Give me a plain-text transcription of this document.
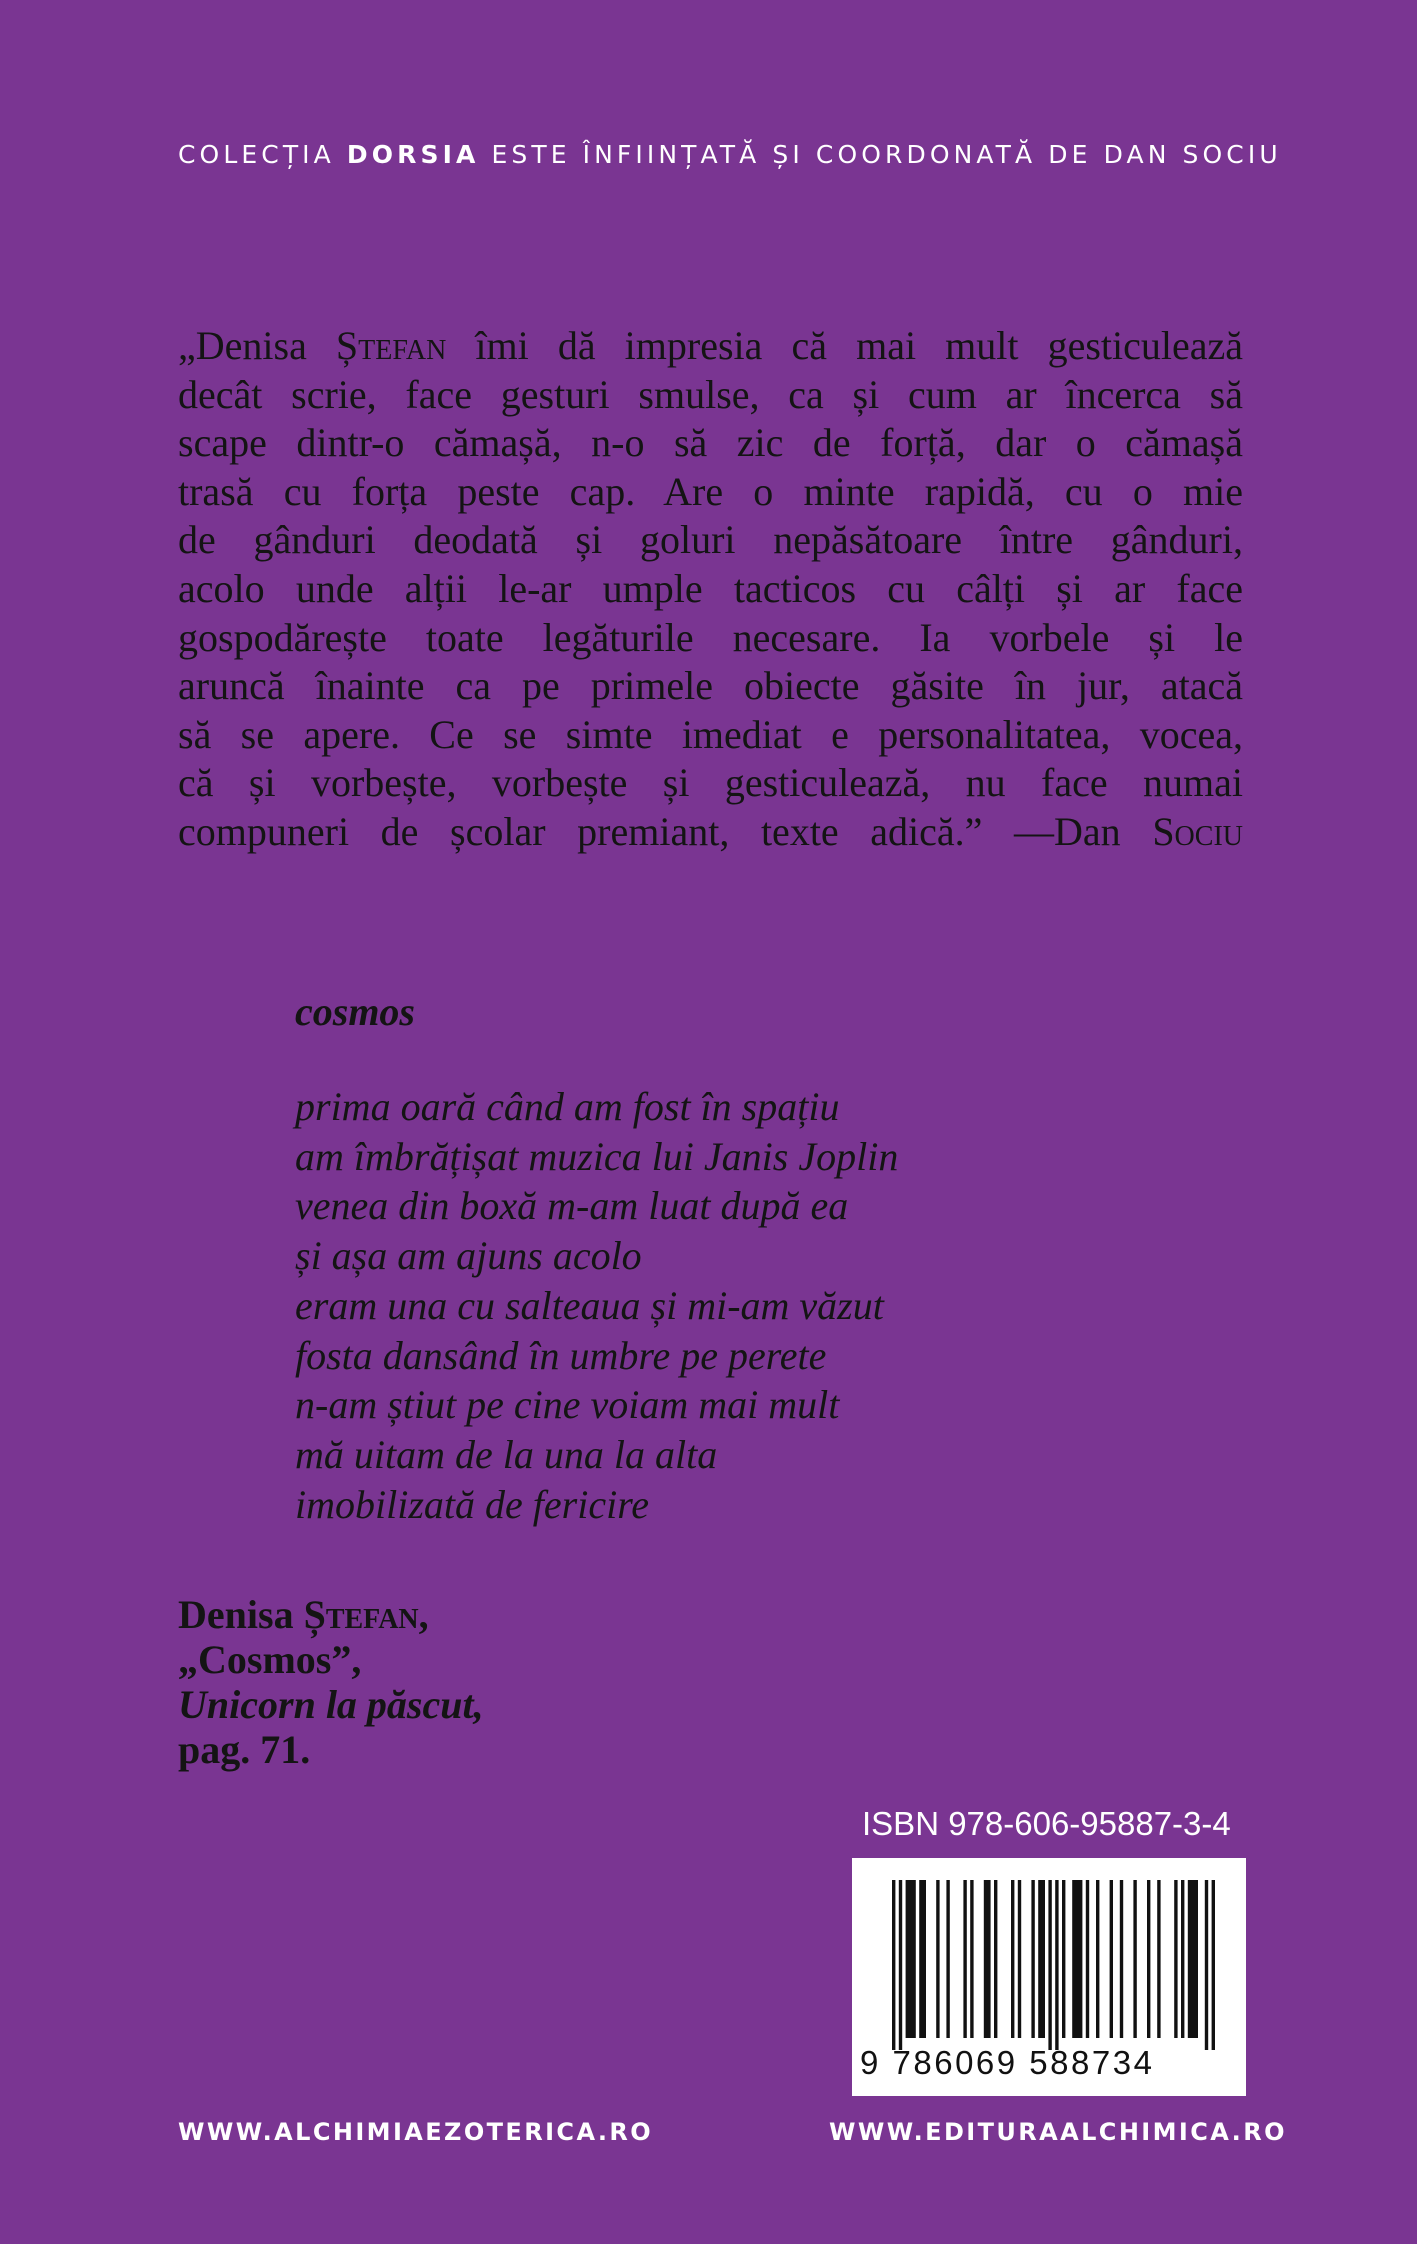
COLECȚIA DORSIA ESTE ÎNFIINȚATĂ ȘI COORDONATĂ DE DAN SOCIU
„Denisa Ștefan îmi dă impresia că mai mult gesticulează
decât scrie, face gesturi smulse, ca și cum ar încerca să
scape dintr-o cămașă, n-o să zic de forță, dar o cămașă
trasă cu forța peste cap. Are o minte rapidă, cu o mie
de gânduri deodată și goluri nepăsătoare între gânduri,
acolo unde alții le-ar umple tacticos cu câlți și ar face
gospodărește toate legăturile necesare. Ia vorbele și le
aruncă înainte ca pe primele obiecte găsite în jur, atacă
să se apere. Ce se simte imediat e personalitatea, vocea,
că și vorbește, vorbește și gesticulează, nu face numai
compuneri de școlar premiant, texte adică.” —Dan Sociu
cosmos
prima oară când am fost în spațiu
am îmbrățișat muzica lui Janis Joplin
venea din boxă m-am luat după ea
și așa am ajuns acolo
eram una cu salteaua și mi-am văzut
fosta dansând în umbre pe perete
n-am știut pe cine voiam mai mult
mă uitam de la una la alta
imobilizată de fericire
Denisa Ștefan,
„Cosmos”,
Unicorn la păscut,
pag. 71.
ISBN 978-606-95887-3-4
9 786069 588734
WWW.ALCHIMIAEZOTERICA.RO	WWW.EDITURAALCHIMICA.RO
